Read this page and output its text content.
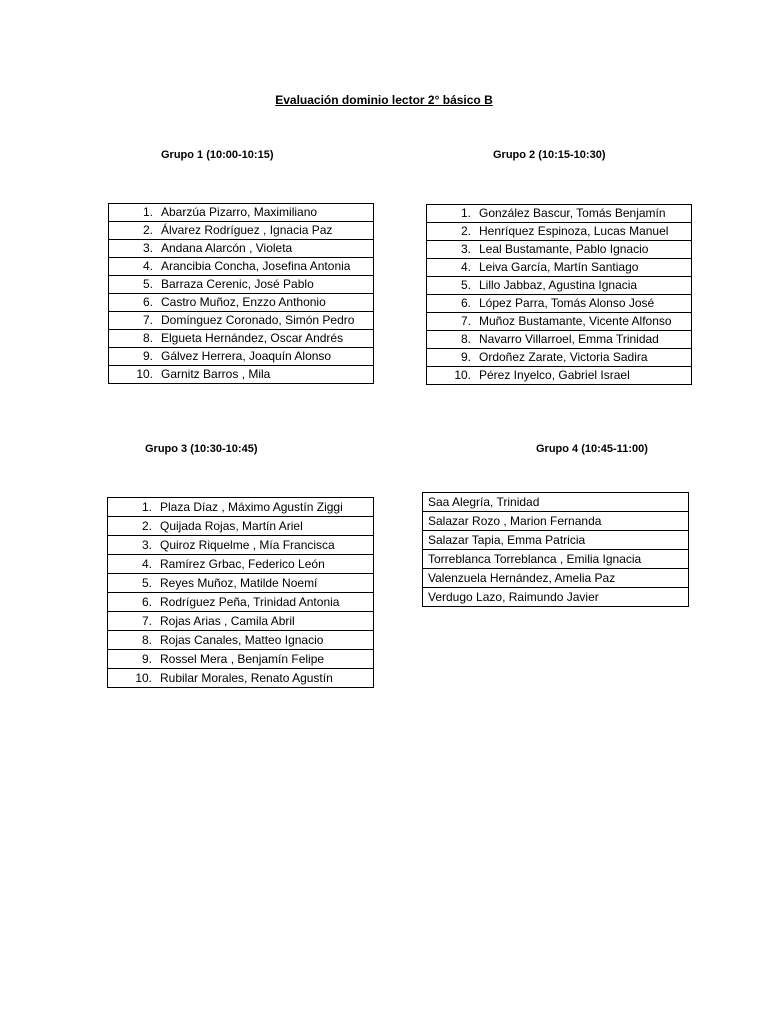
Evaluación dominio lector 2° básico B
Grupo 1 (10:00-10:15)
1.	Abarzúa Pizarro, Maximiliano
2.	Álvarez Rodríguez , Ignacia Paz
3.	Andana Alarcón , Violeta
4.	Arancibia Concha, Josefina Antonia
5.	Barraza Cerenic, José Pablo
6.	Castro Muñoz, Enzzo Anthonio
7.	Domínguez Coronado, Simón Pedro
8.	Elgueta Hernández, Oscar Andrés
9.	Gálvez Herrera, Joaquín Alonso
10.	Garnitz Barros , Mila
Grupo 2 (10:15-10:30)
1.	González Bascur, Tomás Benjamín
2.	Henríquez Espinoza, Lucas Manuel
3.	Leal Bustamante, Pablo Ignacio
4.	Leiva García, Martín Santiago
5.	Lillo Jabbaz, Agustina Ignacia
6.	López Parra, Tomás Alonso José
7.	Muñoz Bustamante, Vicente Alfonso
8.	Navarro Villarroel, Emma Trinidad
9.	Ordoñez Zarate, Victoria Sadira
10.	Pérez Inyelco, Gabriel Israel
Grupo 3 (10:30-10:45)
1.	Plaza Díaz , Máximo Agustín Ziggi
2.	Quijada Rojas, Martín Ariel
3.	Quiroz Riquelme , Mía Francisca
4.	Ramírez Grbac, Federico León
5.	Reyes Muñoz, Matilde Noemí
6.	Rodríguez Peña, Trinidad Antonia
7.	Rojas Arias , Camila Abril
8.	Rojas Canales, Matteo Ignacio
9.	Rossel Mera , Benjamín Felipe
10.	Rubilar Morales, Renato Agustín
Grupo 4 (10:45-11:00)
Saa Alegría, Trinidad
Salazar Rozo , Marion Fernanda
Salazar Tapia, Emma Patricia
Torreblanca Torreblanca , Emilia Ignacia
Valenzuela Hernández, Amelia Paz
Verdugo Lazo, Raimundo Javier
